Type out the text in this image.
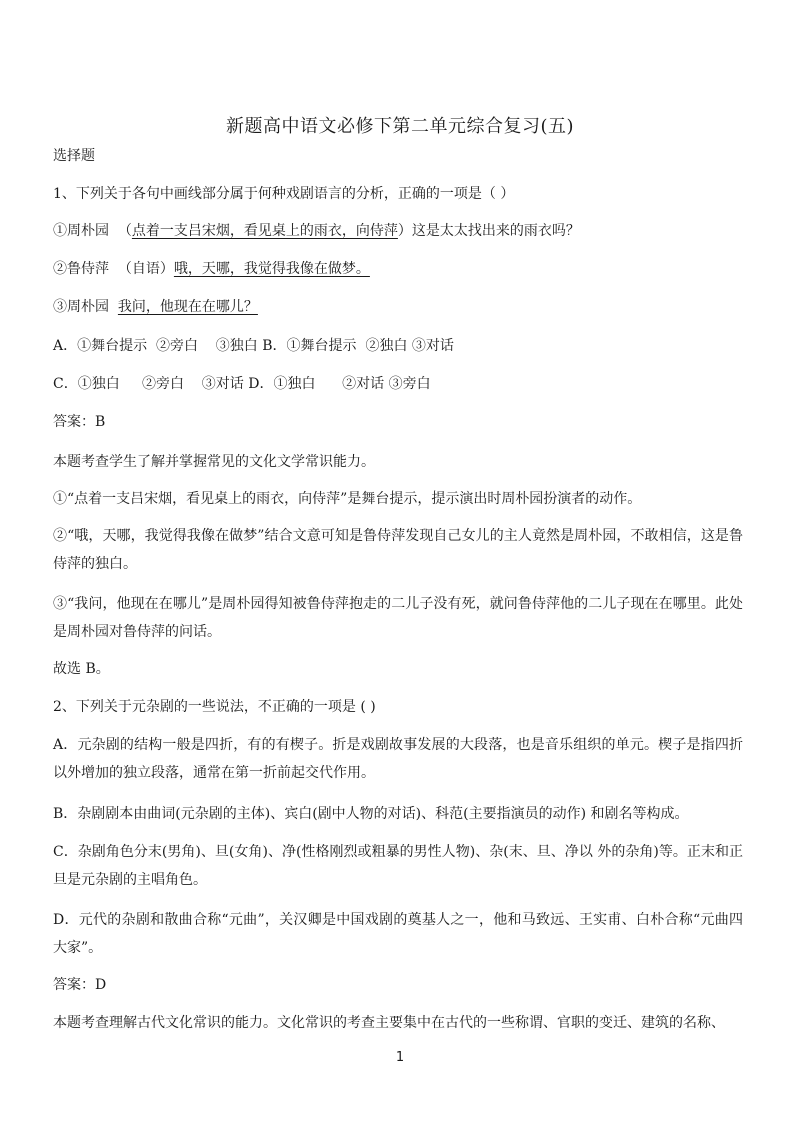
新题高中语文必修下第二单元综合复习(五)
选择题
1、下列关于各句中画线部分属于何种戏剧语言的分析，正确的一项是（ ）
①周朴园  （点着一支吕宋烟，看见桌上的雨衣，向侍萍）这是太太找出来的雨衣吗？
②鲁侍萍  （自语）哦，天哪，我觉得我像在做梦。
③周朴园  我问，他现在在哪儿？
A．①舞台提示  ②旁白    ③独白 B．①舞台提示  ②独白 ③对话
C．①独白     ②旁白    ③对话 D．①独白      ②对话 ③旁白
答案：B
本题考查学生了解并掌握常见的文化文学常识能力。
①“点着一支吕宋烟，看见桌上的雨衣，向侍萍”是舞台提示，提示演出时周朴园扮演者的动作。
②“哦，天哪，我觉得我像在做梦”结合文意可知是鲁侍萍发现自己女儿的主人竟然是周朴园，不敢相信，这是鲁侍萍的独白。
③“我问，他现在在哪儿”是周朴园得知被鲁侍萍抱走的二儿子没有死，就问鲁侍萍他的二儿子现在在哪里。此处是周朴园对鲁侍萍的问话。
故选 B。
2、下列关于元杂剧的一些说法，不正确的一项是 ( )
A．元杂剧的结构一般是四折，有的有楔子。折是戏剧故事发展的大段落，也是音乐组织的单元。楔子是指四折以外增加的独立段落，通常在第一折前起交代作用。
B．杂剧剧本由曲词(元杂剧的主体)、宾白(剧中人物的对话)、科范(主要指演员的动作) 和剧名等构成。
C．杂剧角色分末(男角)、旦(女角)、净(性格刚烈或粗暴的男性人物)、杂(末、旦、净以 外的杂角)等。正末和正旦是元杂剧的主唱角色。
D．元代的杂剧和散曲合称“元曲”，关汉卿是中国戏剧的奠基人之一，他和马致远、王实甫、白朴合称“元曲四大家”。
答案：D
本题考查理解古代文化常识的能力。文化常识的考查主要集中在古代的一些称谓、官职的变迁、建筑的名称、
1
